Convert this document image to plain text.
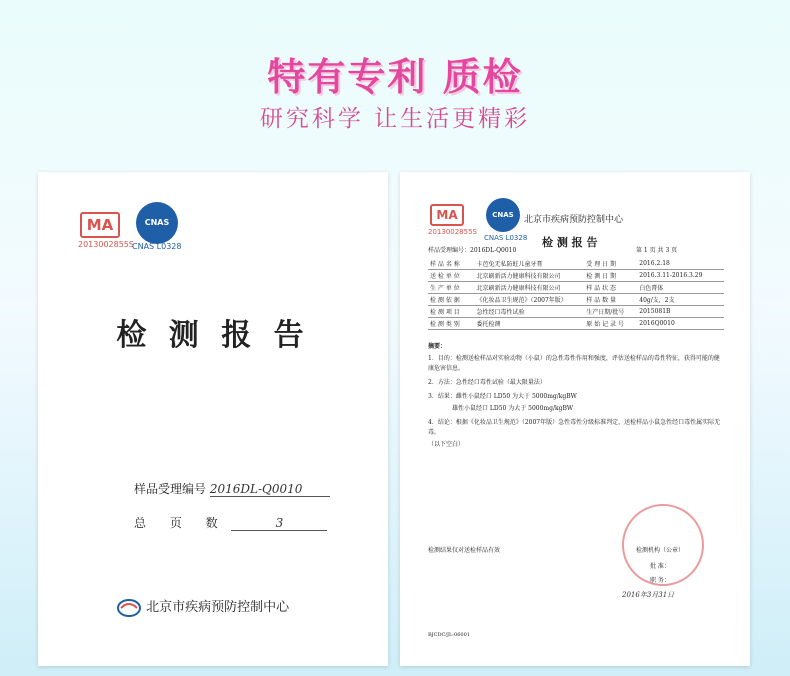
特有专利 质检
研究科学 让生活更精彩
MA
2013002855S
CNAS
CNAS L0328
检 测 报 告
样品受理编号 2016DL-Q0010
总 页 数	3
北京市疾病预防控制中心
MA
2013002855S
CNAS
CNAS L0328
北京市疾病预防控制中心
检 测 报 告
样品受理编号：2016DL-Q0010	第 1 页 共 3 页
样 品 名 称	卡芭兔无私防蛀儿童牙膏	受 理 日 期	2016.2.18
送 检 单 位	北京刷新活力健康科技有限公司	检 测 日 期	2016.3.11-2016.3.29
生 产 单 位	北京刷新活力健康科技有限公司	样 品 状 态	白色膏体
检 测 依 据	《化妆品卫生规范》（2007年版）	样 品 数 量	40g/支，2支
检 测 项 目	急性经口毒性试验	生产日期/批号	2015081B
检 测 类 别	委托检测	原 始 记 录 号	2016Q0010
摘要：
1．目的：检测送检样品对实验动物（小鼠）的急性毒性作用和强度，评估送检样品的毒性特征，获得可能的健康危害信息。
2．方法：急性经口毒性试验（最大限量法）
3．结果：雌性小鼠经口 LD50 为大于 5000mg/kgBW
雄性小鼠经口 LD50 为大于 5000mg/kgBW
4．结论：根据《化妆品卫生规范》（2007年版）急性毒性分级标准判定，送检样品小鼠急性经口毒性属实际无毒。
（以下空白）
检测结果仅对送检样品有效	检测机构（公章）
批 准：
职 务：
2016年3月31日
BJCDC/JL-06001
